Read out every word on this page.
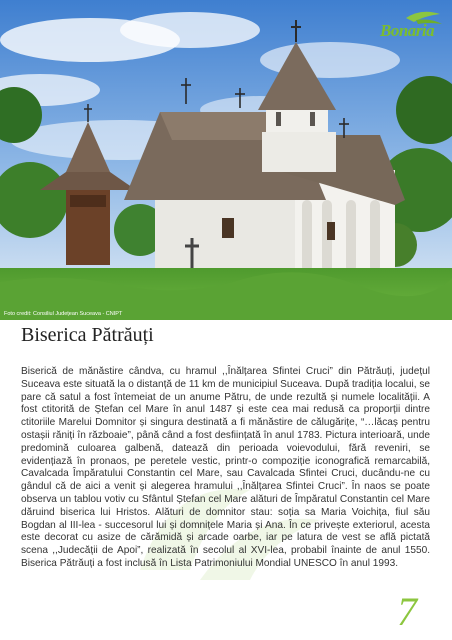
Foto credit: Consiliul Județean Suceava - CNIPT
Bonaria
Biserica Pătrăuți

Biserică de mănăstire cândva, cu hramul ,,Înălțarea Sfintei Cruci” din Pătrăuți, județul Suceava este situată la o distanță de 11 km de municipiul Suceava. După tradiția localui, se pare că satul a fost întemeiat de un anume Pătru, de unde rezultă și numele localității. A fost ctitorită de Ștefan cel Mare în anul 1487 și este cea mai redusă ca proporții dintre ctitoriile Marelui Domnitor și singura destinată a fi mănăstire de călugărițe, “…lăcaș pentru ostașii răniți în războaie”, până când a fost desființată în anul 1783. Pictura interioară, unde predomină culoarea galbenă, datează din perioada voievodului, fără reveniri, se evidențiază în pronaos, pe peretele vestic, printr-o compoziție iconografică remarcabilă, Cavalcada Împăratului Constantin cel Mare, sau Cavalcada Sfintei Cruci, ducându-ne cu gândul că de aici a venit și alegerea hramului ,,Înălțarea Sfintei Cruci”. În naos se poate observa un tablou votiv cu Sfântul Ștefan cel Mare alături de Împăratul Constantin cel Mare dăruind biserica lui Hristos. Alături de domnitor stau: soția sa Maria Voichița, fiul său Bogdan al III-lea - succesorul lui și domnițele Maria și Ana. În ce privește exteriorul, acesta este decorat cu asize de cărămidă și arcade oarbe, iar pe latura de vest se află pictată scena ,,Judecății de Apoi”, realizată în secolul al XVI-lea, probabil înainte de anul 1550. Biserica Pătrăuți a fost inclusă în Lista Patrimoniului Mondial UNESCO în anul 1993.

7
